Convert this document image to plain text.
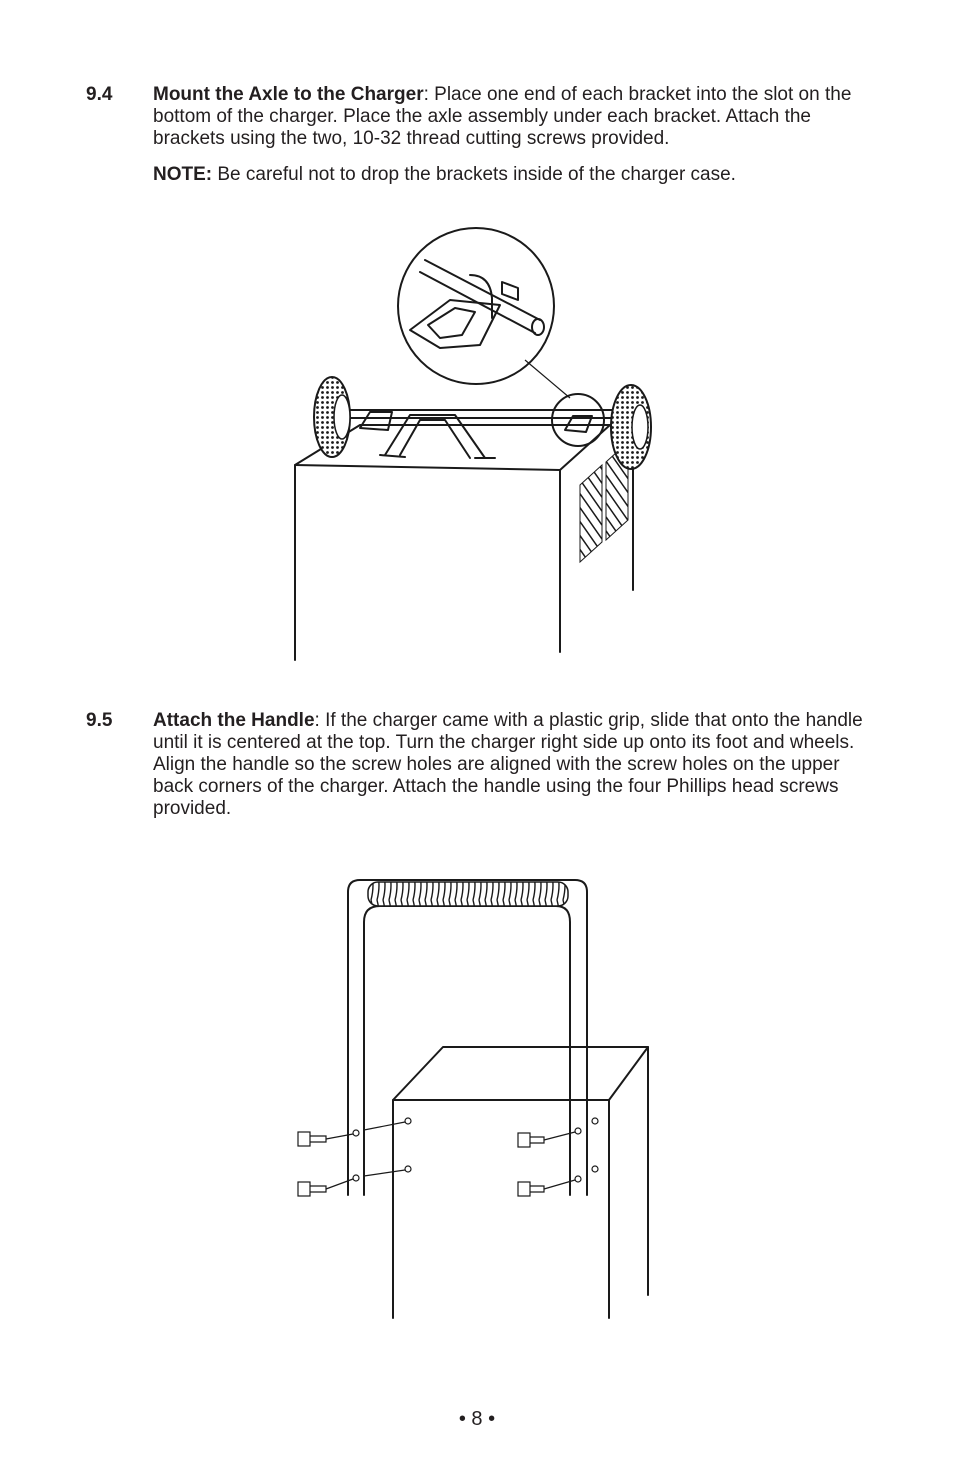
9.4 Mount the Axle to the Charger: Place one end of each bracket into the slot on the bottom of the charger. Place the axle assembly under each bracket. Attach the brackets using the two, 10-32 thread cutting screws provided.
NOTE: Be careful not to drop the brackets inside of the charger case.
9.5 Attach the Handle: If the charger came with a plastic grip, slide that onto the handle until it is centered at the top. Turn the charger right side up onto its foot and wheels. Align the handle so the screw holes are aligned with the screw holes on the upper back corners of the charger. Attach the handle using the four Phillips head screws provided.
• 8 •
